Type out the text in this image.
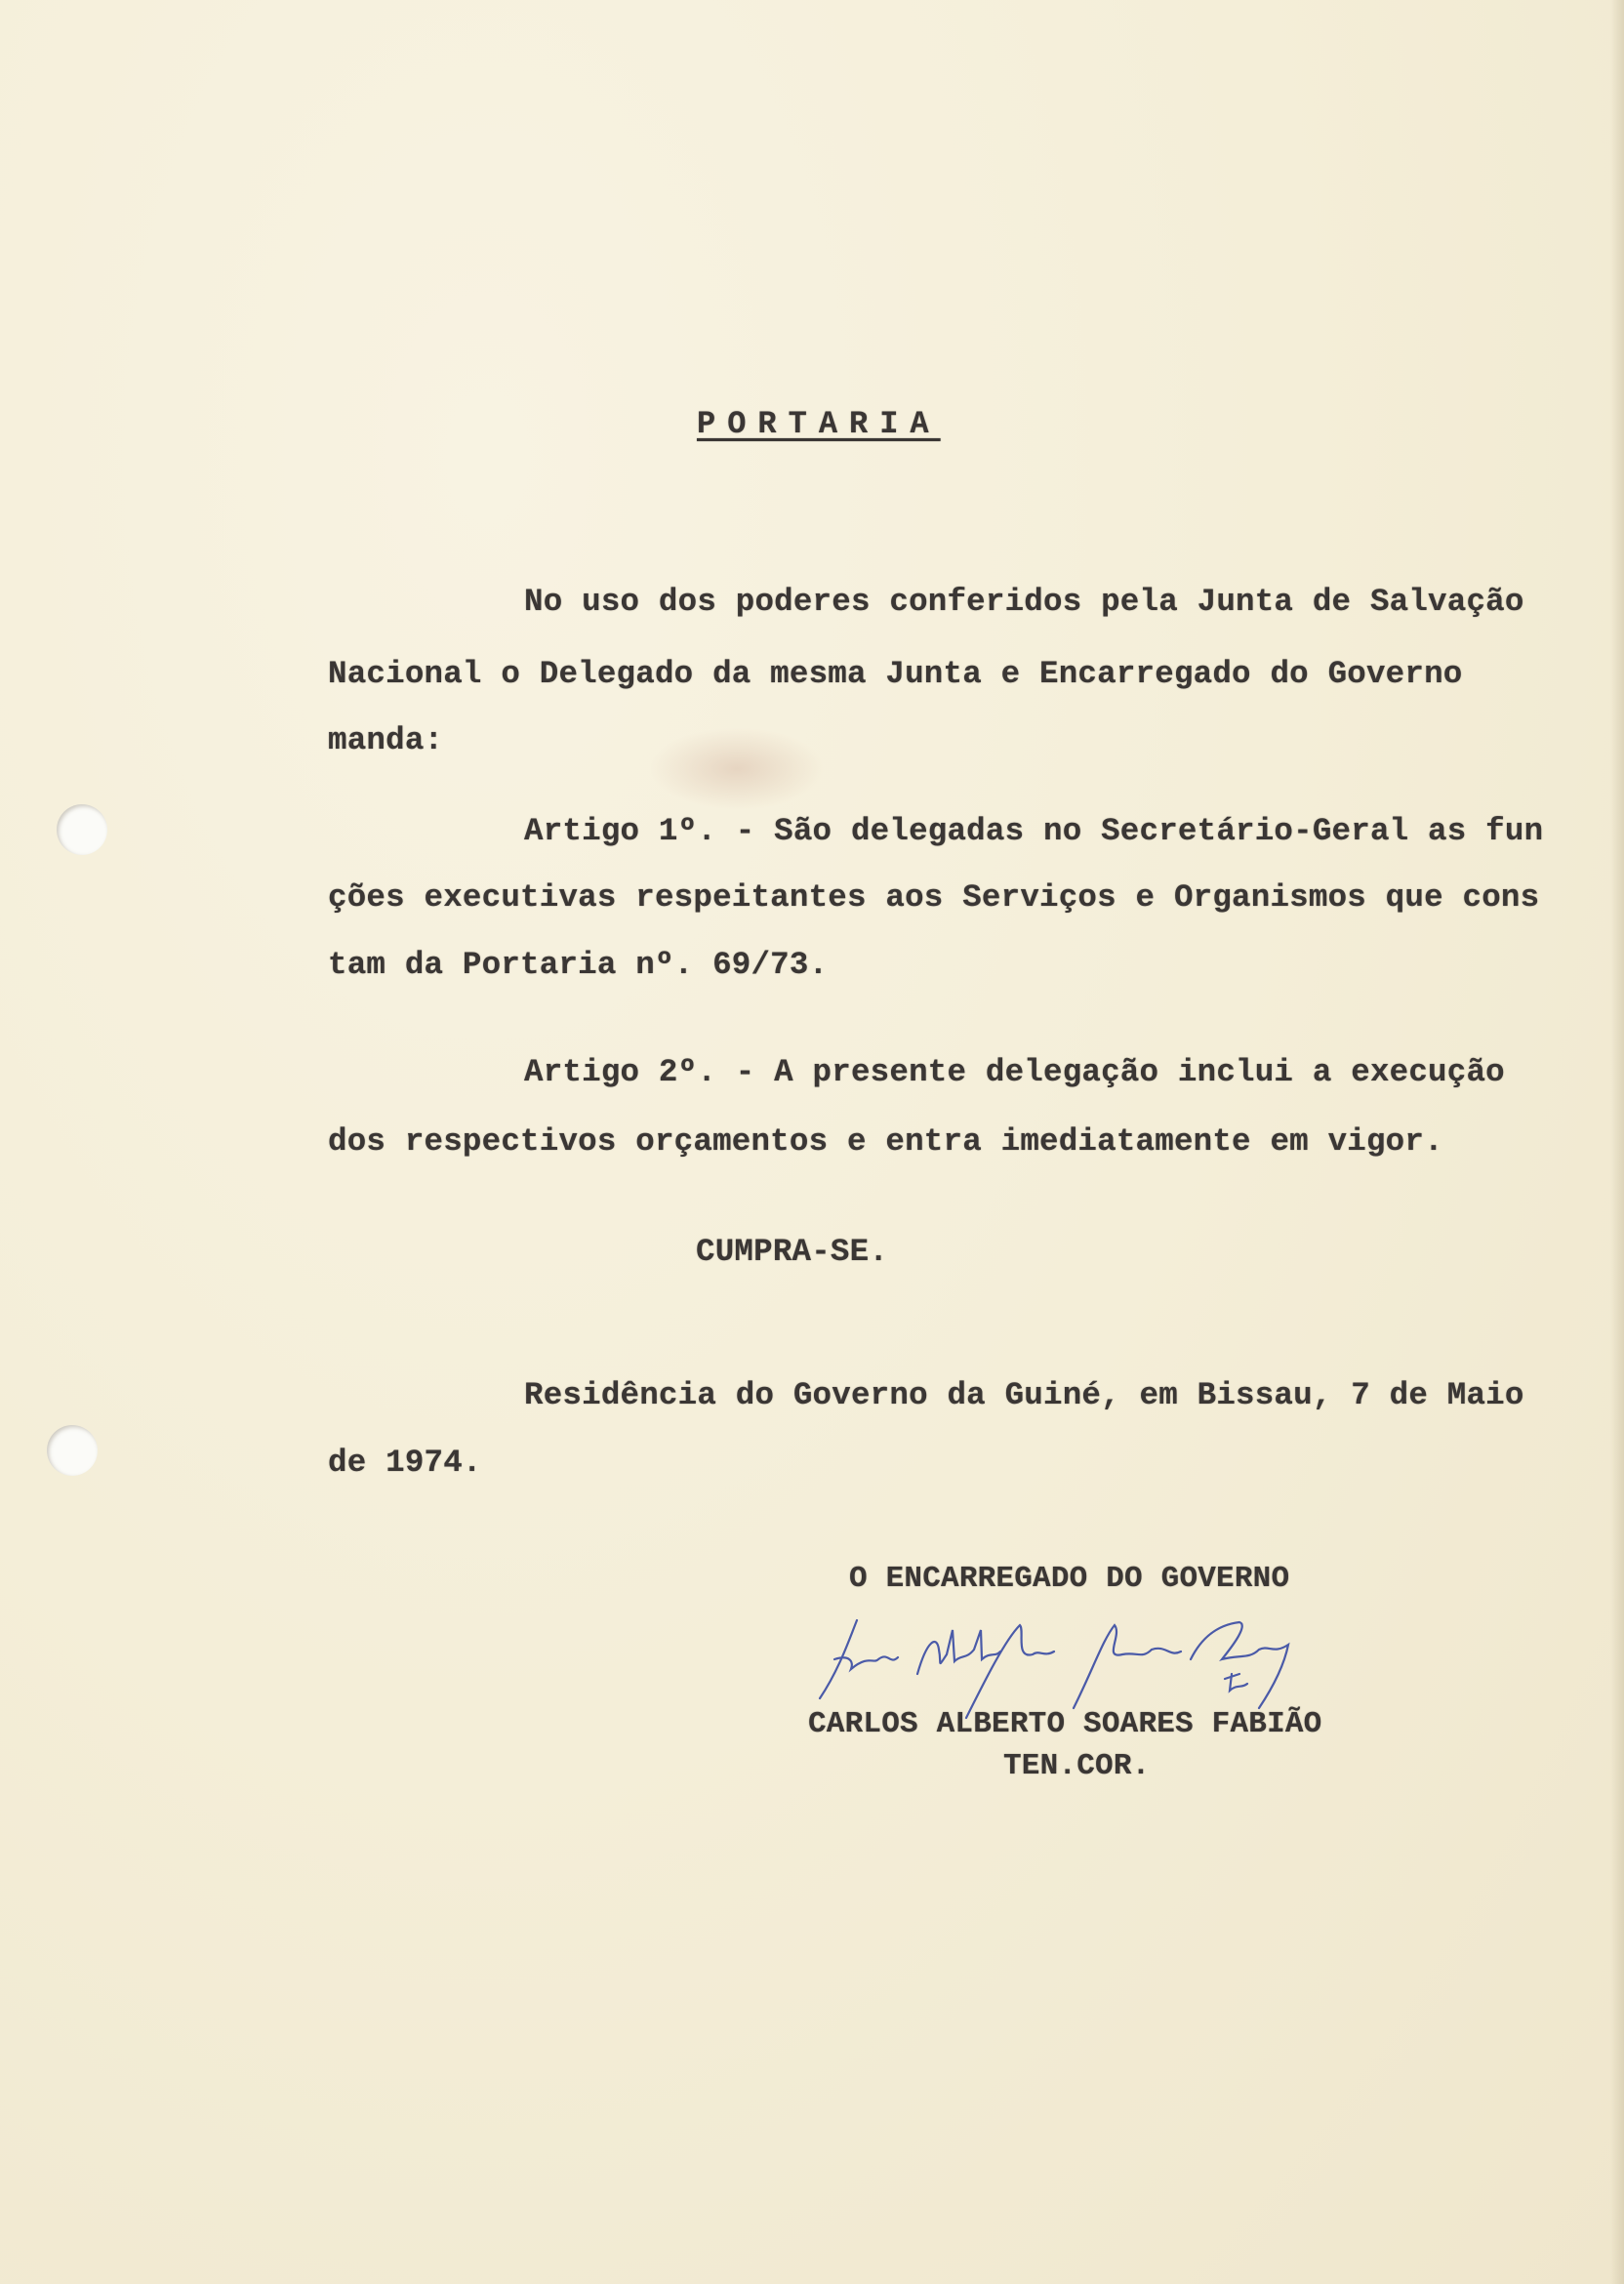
PORTARIA
No uso dos poderes conferidos pela Junta de Salvação
Nacional o Delegado da mesma Junta e Encarregado do Governo
manda:
Artigo 1º. - São delegadas no Secretário-Geral as fun
ções executivas respeitantes aos Serviços e Organismos que cons
tam da Portaria nº. 69/73.
Artigo 2º. - A presente delegação inclui a execução
dos respectivos orçamentos e entra imediatamente em vigor.
CUMPRA-SE.
Residência do Governo da Guiné, em Bissau, 7 de Maio
de 1974.
O ENCARREGADO DO GOVERNO
CARLOS ALBERTO SOARES FABIÃO
TEN.COR.
